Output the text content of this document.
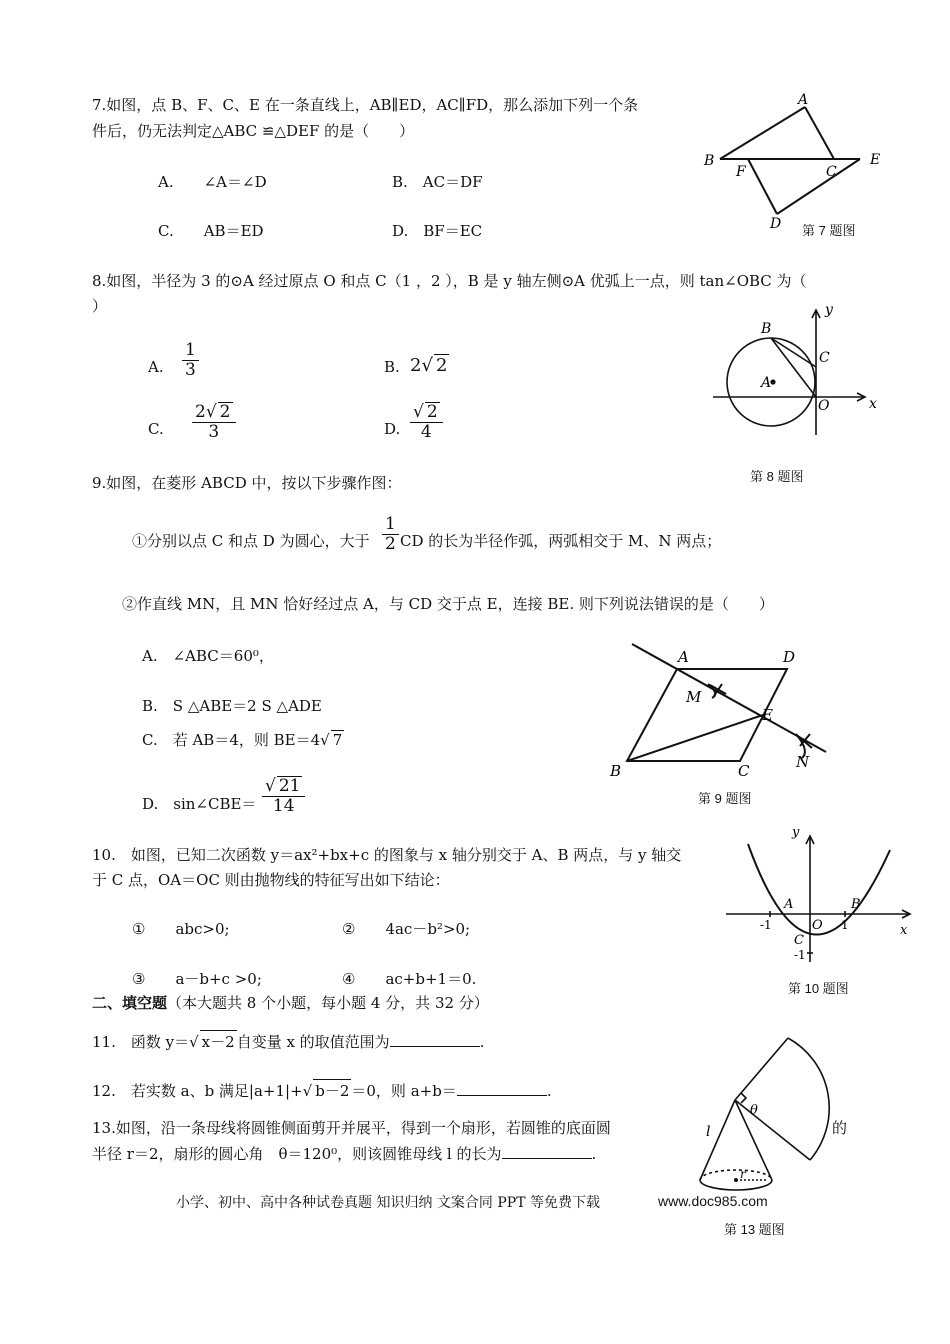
7.如图，点 B、F、C、E 在一条直线上，AB∥ED，AC∥FD，那么添加下列一个条
件后，仍无法判定△ABC ≌△DEF 的是（　　）
A.　　∠A＝∠D	B.　AC＝DF
C.　　AB＝ED	D.　BF＝EC
A
B
F	C
E
D 第 7 题图
8.如图，半径为 3 的⊙A 经过原点 O 和点 C（1 ，2 ），B 是 y 轴左侧⊙A 优弧上一点，则 tan∠OBC 为（
）
A. $\frac{1}{3}$	B. 2√ 2
C. $\frac{2√ 2}{3}$	D. $\frac{√ 2}{4}$
B
y
C
A
O	x
第 8 题图
9.如图，在菱形 ABCD 中，按以下步骤作图：
①分别以点 C 和点 D 为圆心，大于 $\frac{1}{2}$ CD 的长为半径作弧，两弧相交于 M、N 两点；
②作直线 MN，且 MN 恰好经过点 A，与 CD 交于点 E，连接 BE. 则下列说法错误的是（　　）
A.　∠ABC＝60⁰，
B.　S △ABE＝2 S △ADE
C.　若 AB＝4，则 BE＝4√ 7
D.　sin∠CBE＝ $\frac{√ 21}{14}$
A	D
M
E
B	C	N
第 9 题图
10.　如图，已知二次函数 y＝ax²+bx+c 的图象与 x 轴分别交于 A、B 两点，与 y 轴交
于 C 点，OA＝OC 则由抛物线的特征写出如下结论：
①　　abc>0;	②　　4ac－b²>0;
③　　a－b+c >0;	④　　ac+b+1＝0.
y
A	B
O 1
-1
C
-1
x
第 10 题图
二、填空题（本大题共 8 个小题，每小题 4 分，共 32 分）
11.　函数 y＝√ x－2 自变量 x 的取值范围为	.
12.　若实数 a、b 满足|a+1|+√ b－2 ＝0，则 a+b＝	.
13.如图，沿一条母线将圆锥侧面剪开并展平，得到一个扇形，若圆锥的底面圆	的
半径 r＝2，扇形的圆心角　θ＝120⁰，则该圆锥母线 l 的长为	.
θ
l
r
小学、初中、高中各种试卷真题 知识归纳 文案合同 PPT 等免费下载	www.doc985.com
第 13 题图
